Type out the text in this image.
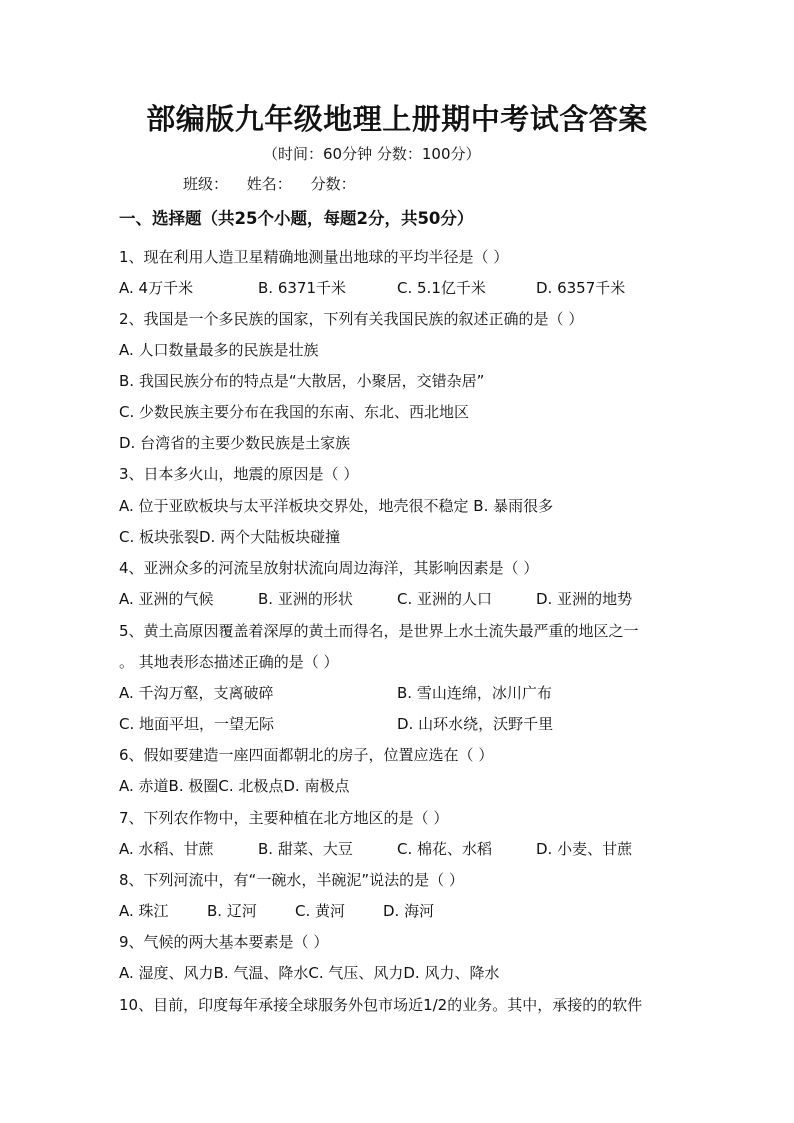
部编版九年级地理上册期中考试含答案
（时间：60分钟 分数：100分）
班级： 姓名： 分数：
一、选择题（共25个小题，每题2分，共50分）
1、现在利用人造卫星精确地测量出地球的平均半径是（ ）
A. 4万千米	B. 6371千米	C. 5.1亿千米	D. 6357千米
2、我国是一个多民族的国家，下列有关我国民族的叙述正确的是（ ）
A. 人口数量最多的民族是壮族
B. 我国民族分布的特点是“大散居，小聚居，交错杂居”
C. 少数民族主要分布在我国的东南、东北、西北地区
D. 台湾省的主要少数民族是土家族
3、日本多火山，地震的原因是（ ）
A. 位于亚欧板块与太平洋板块交界处，地壳很不稳定 B. 暴雨很多
C. 板块张裂D. 两个大陆板块碰撞
4、亚洲众多的河流呈放射状流向周边海洋，其影响因素是（ ）
A. 亚洲的气候	B. 亚洲的形状	C. 亚洲的人口	D. 亚洲的地势
5、黄土高原因覆盖着深厚的黄土而得名，是世界上水土流失最严重的地区之一
。 其地表形态描述正确的是（ ）
A. 千沟万壑，支离破碎	B. 雪山连绵，冰川广布
C. 地面平坦，一望无际	D. 山环水绕，沃野千里
6、假如要建造一座四面都朝北的房子，位置应选在（ ）
A. 赤道B. 极圈C. 北极点D. 南极点
7、下列农作物中，主要种植在北方地区的是（ ）
A. 水稻、甘蔗	B. 甜菜、大豆	C. 棉花、水稻	D. 小麦、甘蔗
8、下列河流中，有“一碗水，半碗泥”说法的是（ ）
A. 珠江	B. 辽河	C. 黄河	D. 海河
9、气候的两大基本要素是（ ）
A. 湿度、风力B. 气温、降水C. 气压、风力D. 风力、降水
10、目前，印度每年承接全球服务外包市场近1/2的业务。其中，承接的的软件
